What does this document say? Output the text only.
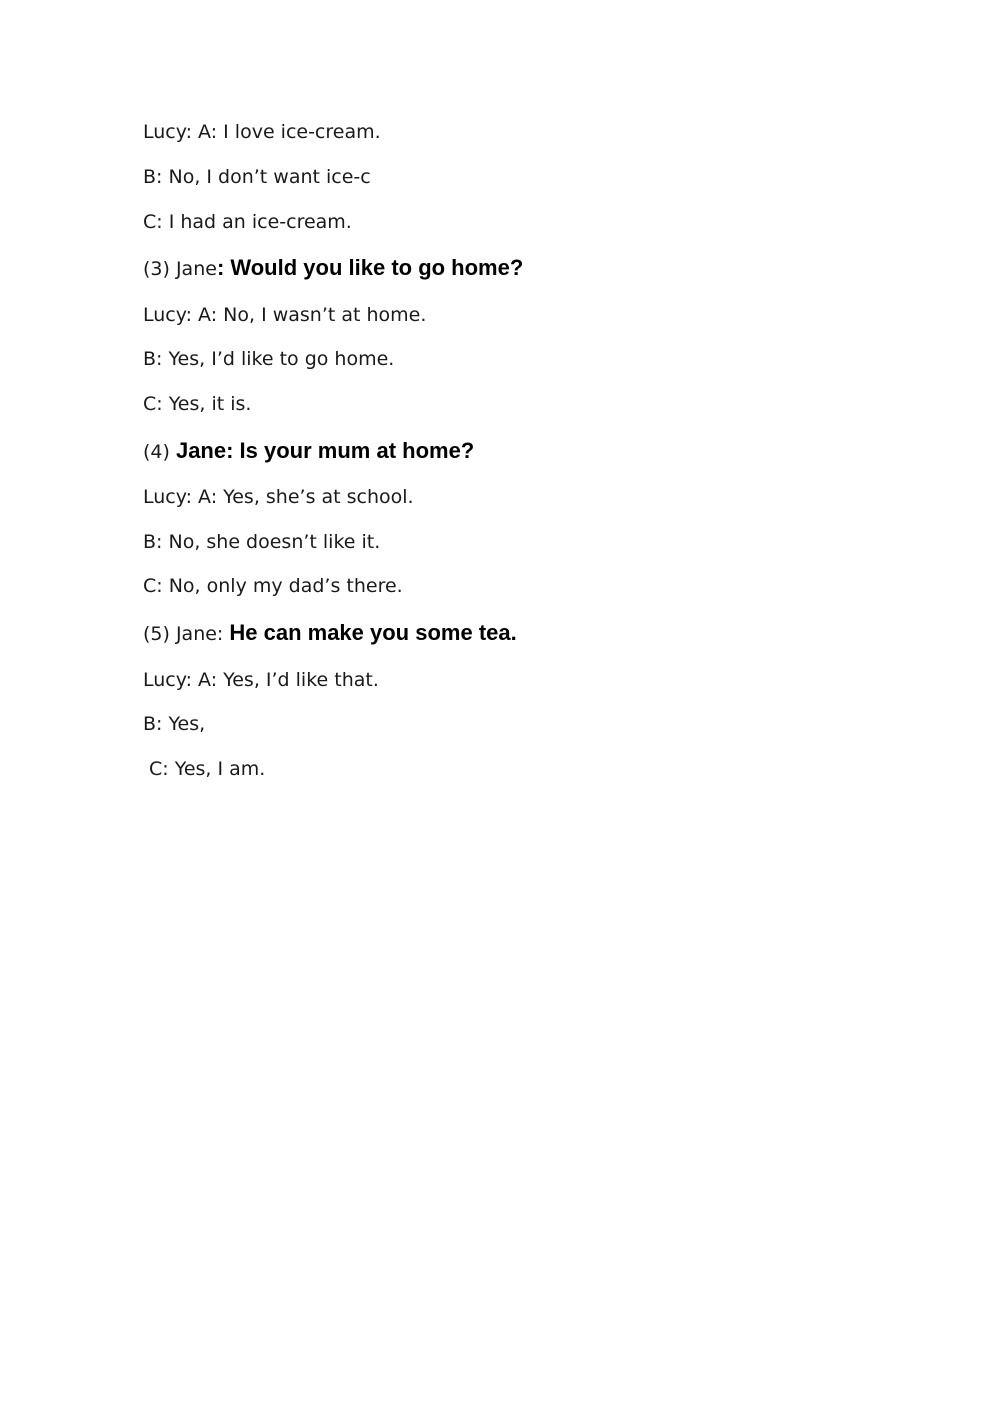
Lucy: A: I love ice-cream.

B: No, I don’t want ice-c

C: I had an ice-cream.

(3) Jane: Would you like to go home?

Lucy: A: No, I wasn’t at home.

B: Yes, I’d like to go home.

C: Yes, it is.

(4) Jane: Is your mum at home?

Lucy: A: Yes, she’s at school.

B: No, she doesn’t like it.

C: No, only my dad’s there.

(5) Jane: He can make you some tea.

Lucy: A: Yes, I’d like that.

B: Yes,

C: Yes, I am.
